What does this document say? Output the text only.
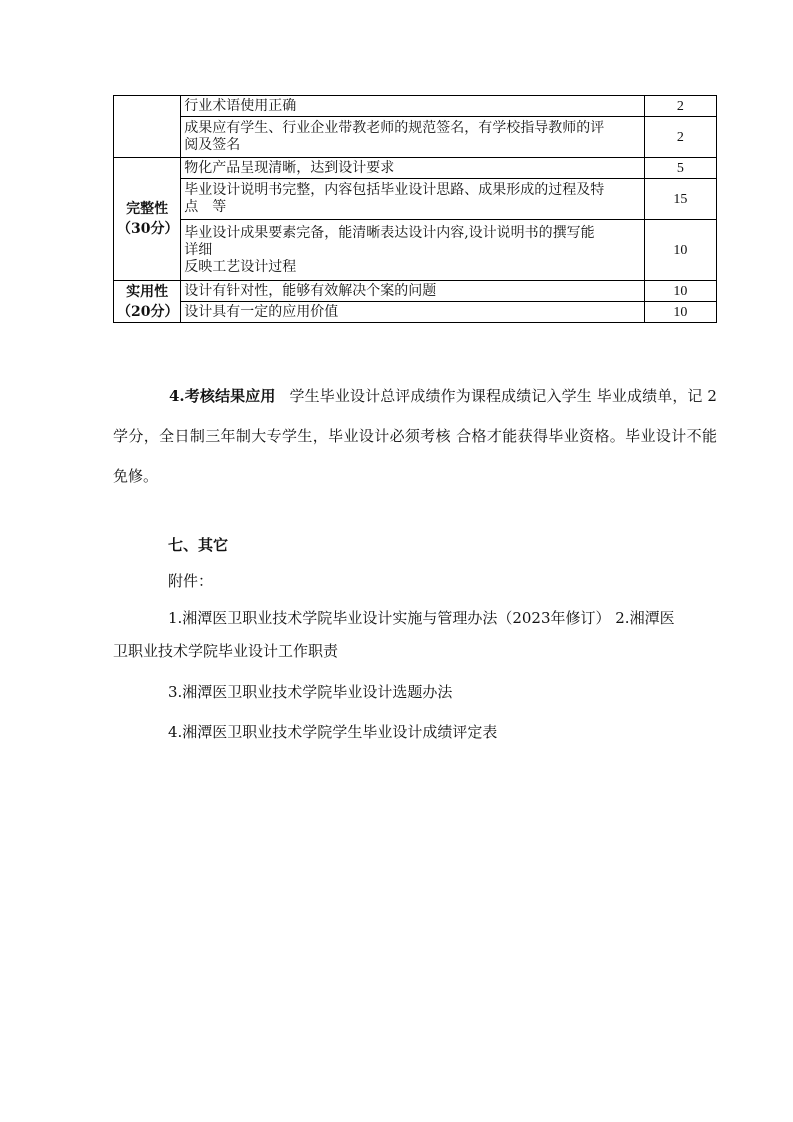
	行业术语使用正确	2

	成果应有学生、行业企业带教老师的规范签名，有学校指导教师的评
阅及签名	2

完整性
（30分）	物化产品呈现清晰，达到设计要求	5

	毕业设计说明书完整，内容包括毕业设计思路、成果形成的过程及特
点　等	15

	毕业设计成果要素完备，能清晰表达设计内容,设计说明书的撰写能
详细
反映工艺设计过程	10

实用性
（20分）	设计有针对性，能够有效解决个案的问题	10
	设计具有一定的应用价值	10
4.考核结果应用 学生毕业设计总评成绩作为课程成绩记入学生 毕业成绩单，记 2 学分，全日制三年制大专学生，毕业设计必须考核 合格才能获得毕业资格。毕业设计不能免修。
七、其它
附件：
1.湘潭医卫职业技术学院毕业设计实施与管理办法（2023年修订） 2.湘潭医
卫职业技术学院毕业设计工作职责
3.湘潭医卫职业技术学院毕业设计选题办法
4.湘潭医卫职业技术学院学生毕业设计成绩评定表
